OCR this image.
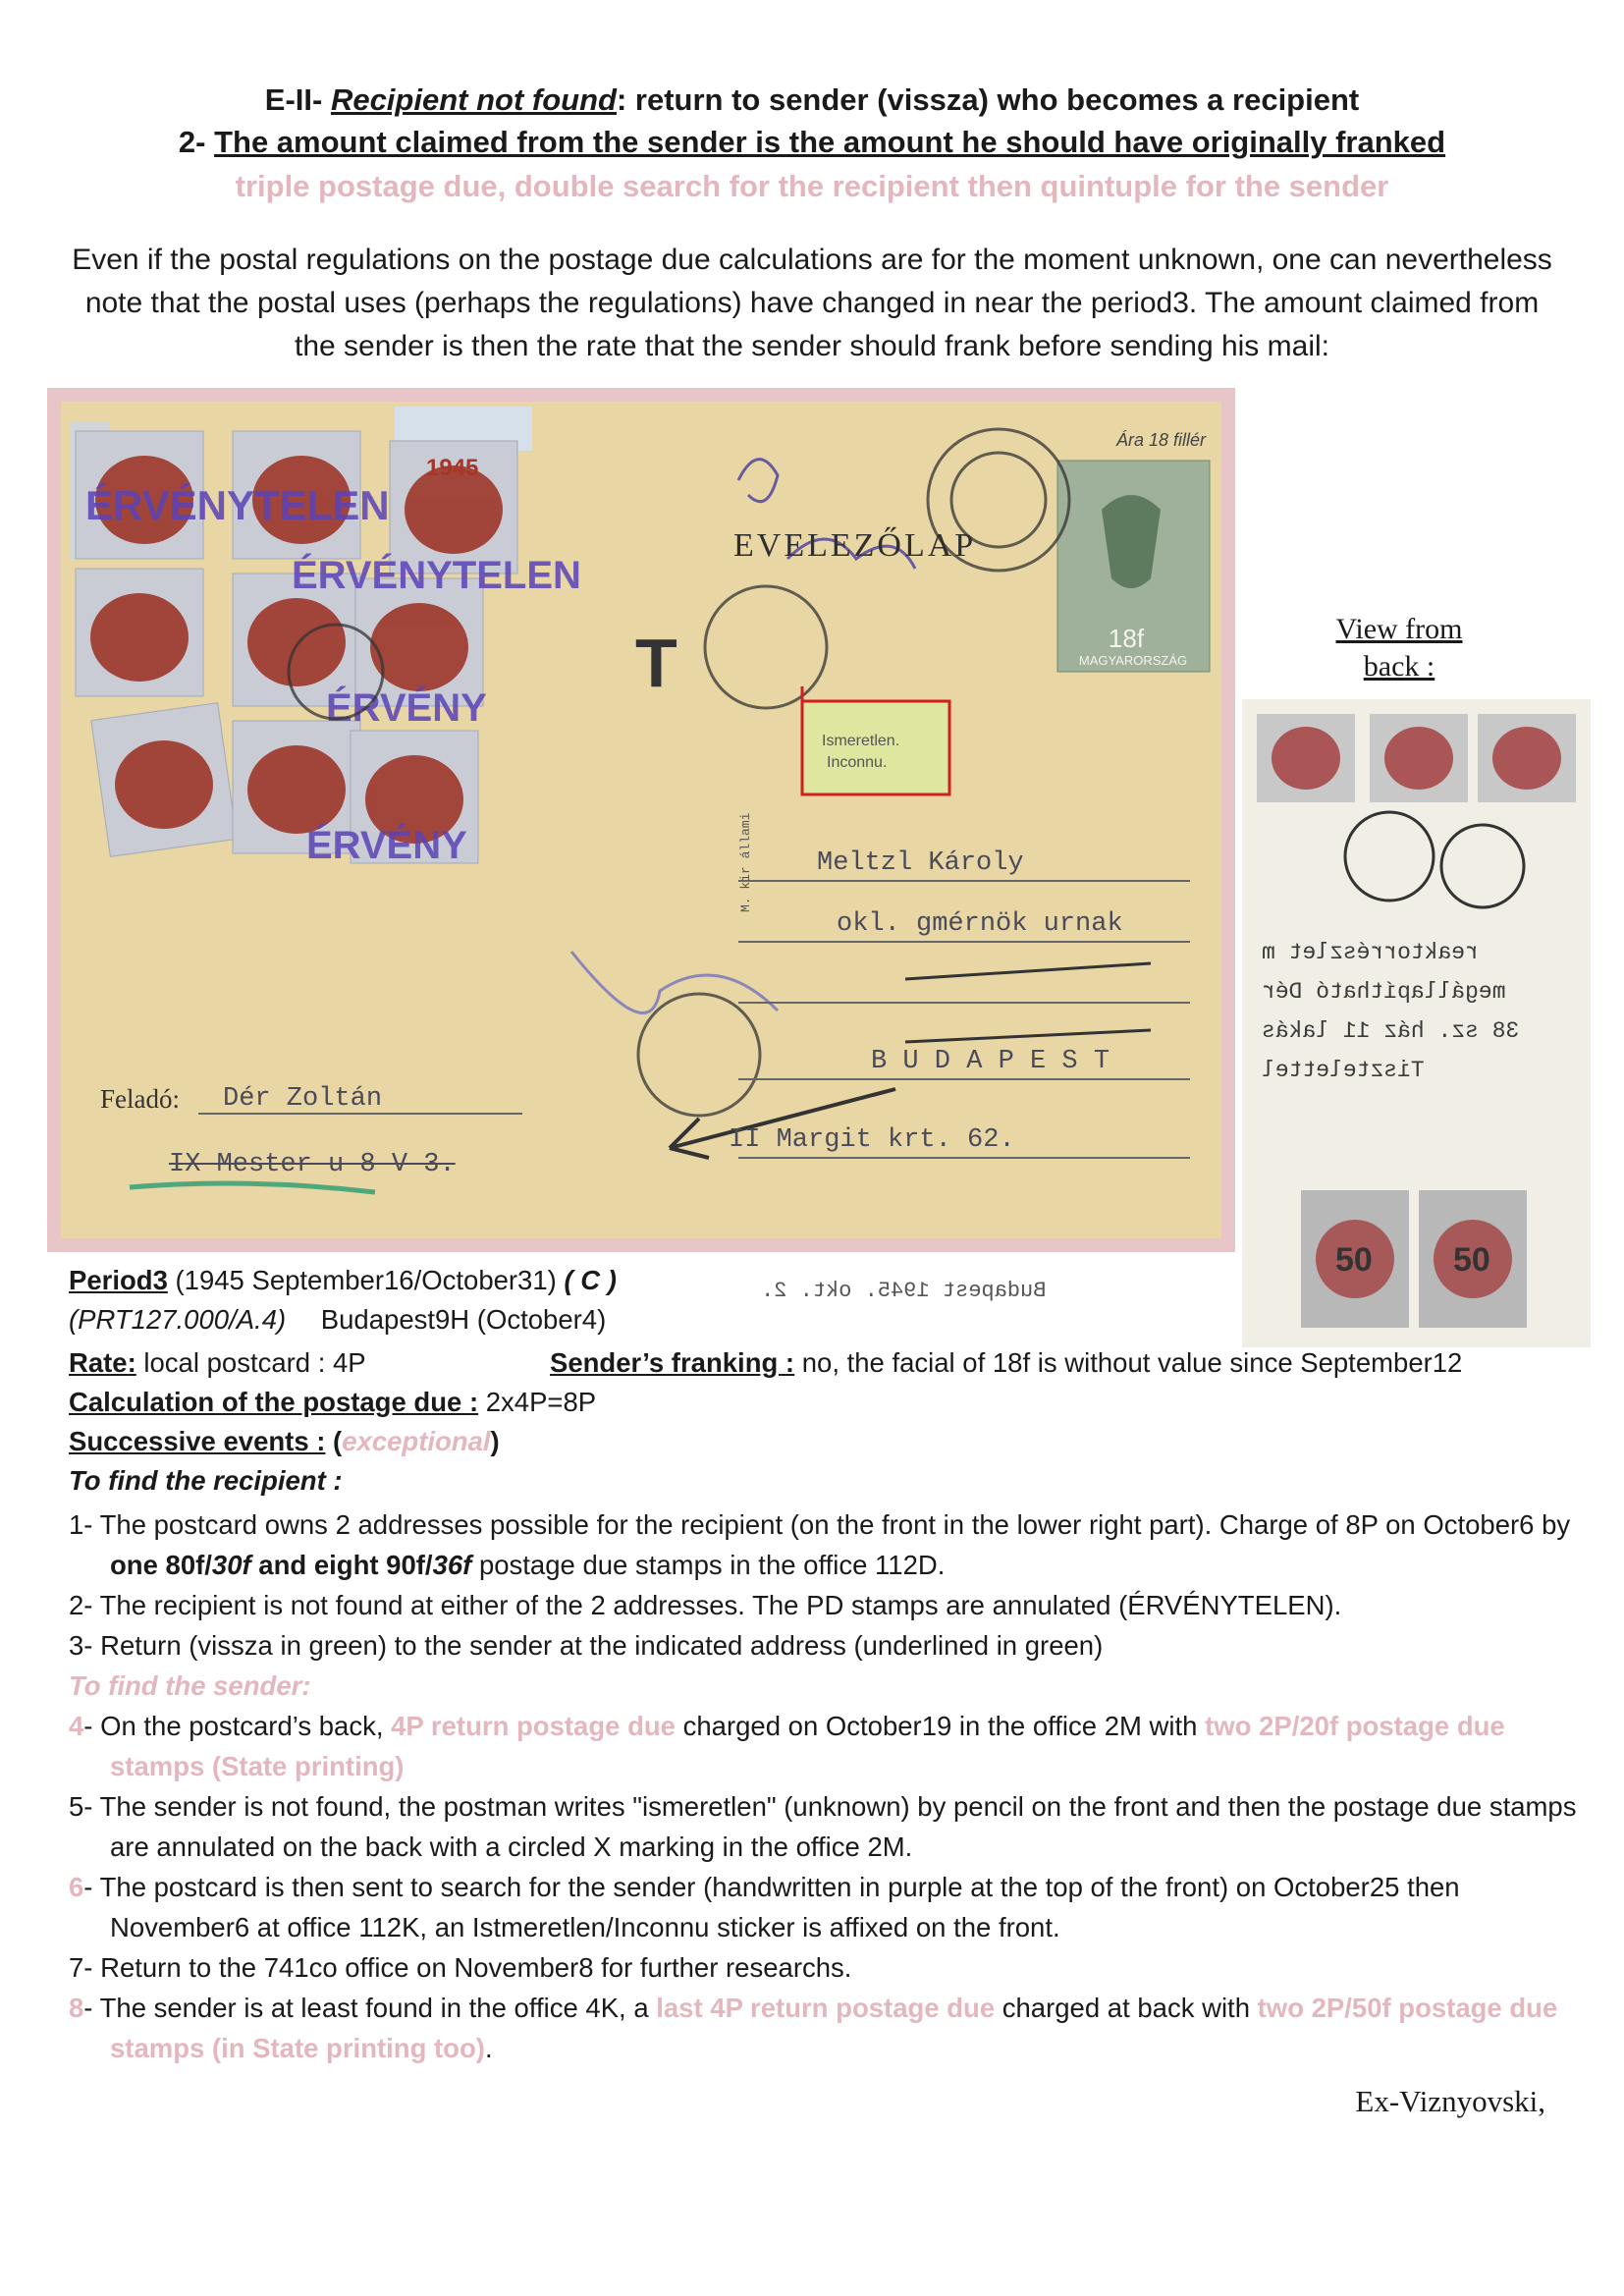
E-II- Recipient not found: return to sender (vissza) who becomes a recipient
2- The amount claimed from the sender is the amount he should have originally franked
triple postage due, double search for the recipient then quintuple for the sender
Even if the postal regulations on the postage due calculations are for the moment unknown, one can nevertheless note that the postal uses (perhaps the regulations) have changed in near the period3. The amount claimed from the sender is then the rate that the sender should frank before sending his mail:
1945
ÉRVÉNYTELEN
ÉRVÉNYTELEN
ÉRVÉNY
ÉRVÉNY
18f
MAGYARORSZÁG
Ára 18 fillér
T
Ismeretlen.
Inconnu.
EVELEZŐLAP
Meltzl Károly
okl. gmérnök urnak
B U D A P E S T
II Margit krt. 62.
Feladó: Dér Zoltán
IX Mester u 8 V 3.
M. kir állami
View from back :
50 50
reaktorrészlet m
megállapítható Dér
38 sz. ház 11 lakás
Tisztelettel
Budapest 1945. okt. 2.
Period3 (1945 September16/October31) ( C )
(PRT127.000/A.4) Budapest9H (October4)
Rate: local postcard : 4P	Sender’s franking : no, the facial of 18f is without value since September12
Calculation of the postage due : 2x4P=8P
Successive events : (exceptional)
To find the recipient :
1- The postcard owns 2 addresses possible for the recipient (on the front in the lower right part). Charge of 8P on October6 by one 80f/30f and eight 90f/36f postage due stamps in the office 112D.
2- The recipient is not found at either of the 2 addresses. The PD stamps are annulated (ÉRVÉNYTELEN).
3- Return (vissza in green) to the sender at the indicated address (underlined in green)
To find the sender:
4- On the postcard’s back, 4P return postage due charged on October19 in the office 2M with two 2P/20f postage due stamps (State printing)
5- The sender is not found, the postman writes "ismeretlen" (unknown) by pencil on the front and then the postage due stamps are annulated on the back with a circled X marking in the office 2M.
6- The postcard is then sent to search for the sender (handwritten in purple at the top of the front) on October25 then November6 at office 112K, an Istmeretlen/Inconnu sticker is affixed on the front.
7- Return to the 741co office on November8 for further researchs.
8- The sender is at least found in the office 4K, a last 4P return postage due charged at back with two 2P/50f postage due stamps (in State printing too).
Ex-Viznyovski,
